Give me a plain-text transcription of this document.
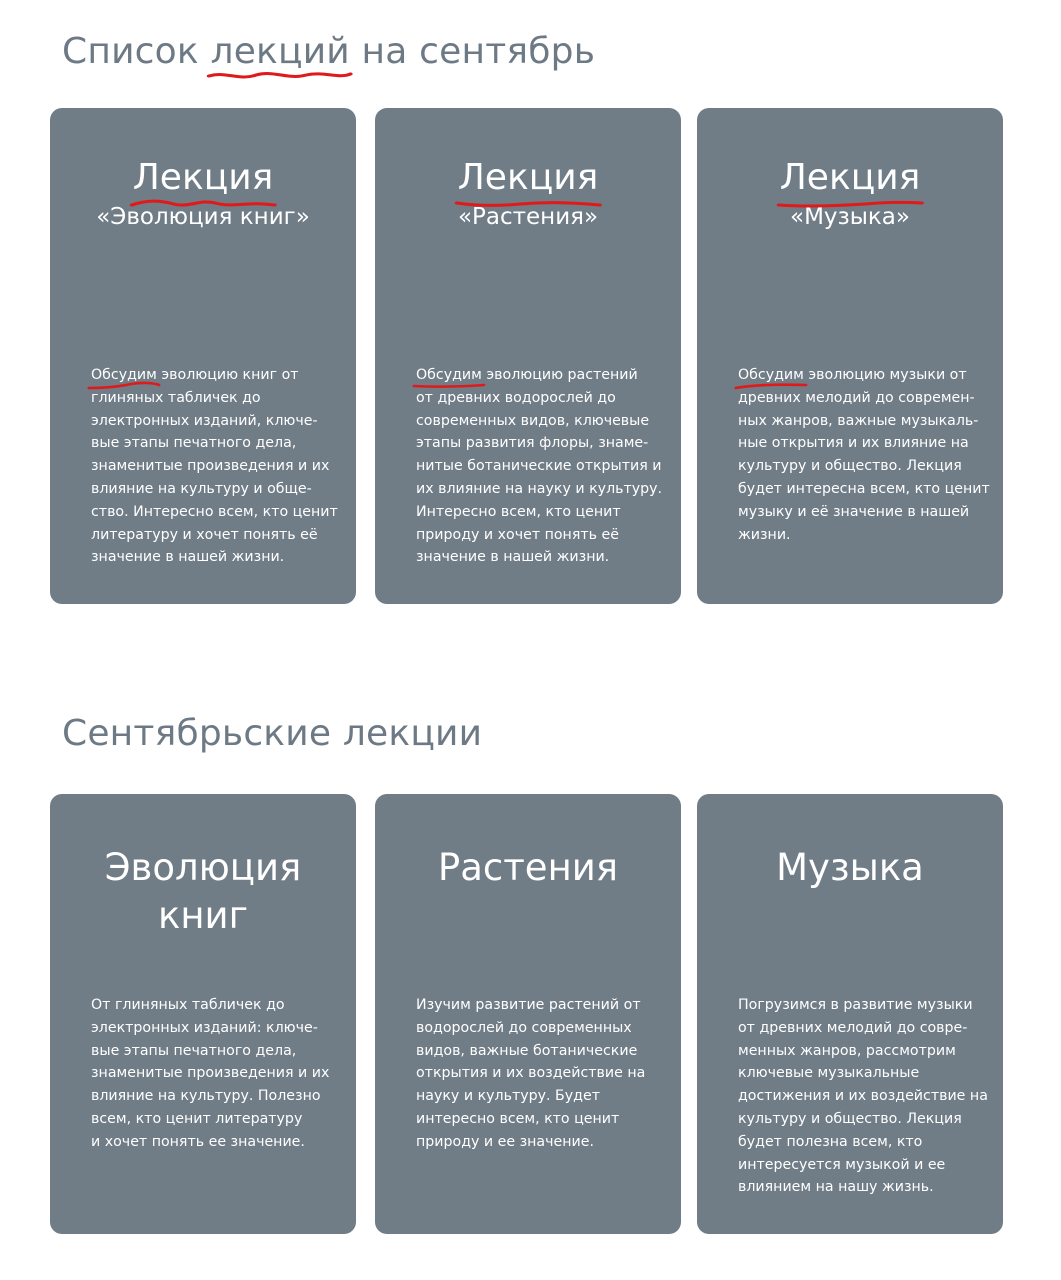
Список лекций
на сентябрь
Лекция
«Эволюция книг»
Обсудим
эволюцию книг от
глиняных табличек до
электронных изданий, ключе-
вые этапы печатного дела,
знаменитые произведения и их
влияние на культуру и обще-
ство. Интересно всем, кто ценит
литературу и хочет понять её
значение в нашей жизни.
Лекция
«Растения»
Обсудим
эволюцию растений
от древних водорослей до
современных видов, ключевые
этапы развития флоры, знаме-
нитые ботанические открытия и
их влияние на науку и культуру.
Интересно всем, кто ценит
природу и хочет понять её
значение в нашей жизни.
Лекция
«Музыка»
Обсудим
эволюцию музыки от
древних мелодий до современ-
ных жанров, важные музыкаль-
ные открытия и их влияние на
культуру и общество. Лекция
будет интересна всем, кто ценит
музыку и её значение в нашей
жизни.
Сентябрьские лекции
Эволюция
книг
От глиняных табличек до
электронных изданий: ключе-
вые этапы печатного дела,
знаменитые произведения и их
влияние на культуру. Полезно
всем, кто ценит литературу
и хочет понять ее значение.
Растения
Изучим развитие растений от
водорослей до современных
видов, важные ботанические
открытия и их воздействие на
науку и культуру. Будет
интересно всем, кто ценит
природу и ее значение.
Музыка
Погрузимся в развитие музыки
от древних мелодий до совре-
менных жанров, рассмотрим
ключевые музыкальные
достижения и их воздействие на
культуру и общество. Лекция
будет полезна всем, кто
интересуется музыкой и ее
влиянием на нашу жизнь.
